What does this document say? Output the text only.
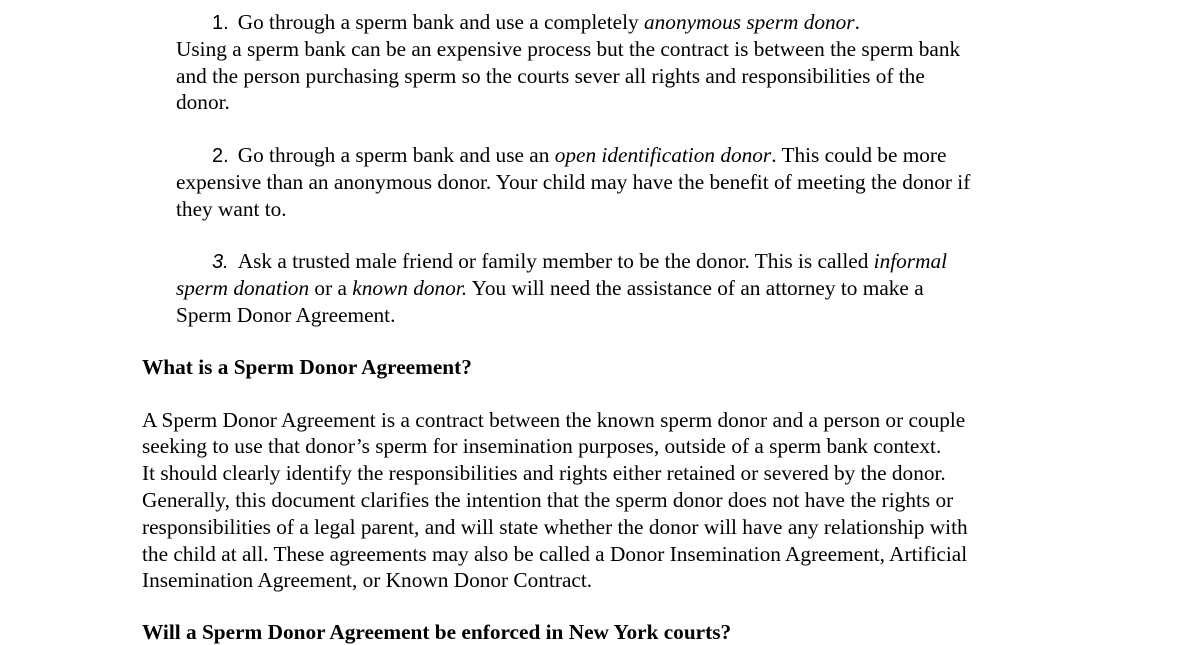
1. Go through a sperm bank and use a completely anonymous sperm donor.
Using a sperm bank can be an expensive process but the contract is between the sperm bank
and the person purchasing sperm so the courts sever all rights and responsibilities of the
donor.
2. Go through a sperm bank and use an open identification donor. This could be more
expensive than an anonymous donor. Your child may have the benefit of meeting the donor if
they want to.
3. Ask a trusted male friend or family member to be the donor. This is called informal
sperm donation or a known donor. You will need the assistance of an attorney to make a
Sperm Donor Agreement.
What is a Sperm Donor Agreement?
A Sperm Donor Agreement is a contract between the known sperm donor and a person or couple
seeking to use that donor’s sperm for insemination purposes, outside of a sperm bank context.
It should clearly identify the responsibilities and rights either retained or severed by the donor.
Generally, this document clarifies the intention that the sperm donor does not have the rights or
responsibilities of a legal parent, and will state whether the donor will have any relationship with
the child at all. These agreements may also be called a Donor Insemination Agreement, Artificial
Insemination Agreement, or Known Donor Contract.
Will a Sperm Donor Agreement be enforced in New York courts?
